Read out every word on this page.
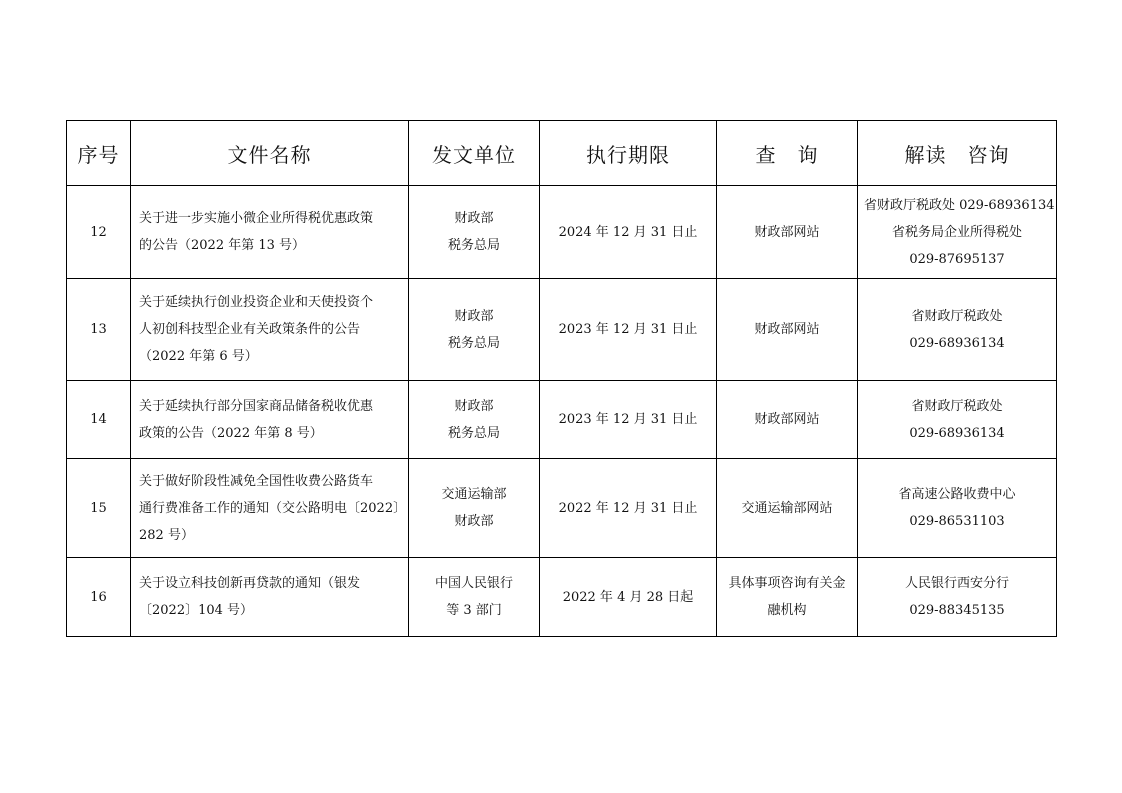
序号	文件名称	发文单位	执行期限	查　询	解读　咨询
12	关于进一步实施小微企业所得税优惠政策
的公告（2022 年第 13 号）	财政部
税务总局	2024 年 12 月 31 日止	财政部网站	省财政厅税政处 029-68936134
省税务局企业所得税处
029-87695137

13	关于延续执行创业投资企业和天使投资个
人初创科技型企业有关政策条件的公告
（2022 年第 6 号）	财政部
税务总局	2023 年 12 月 31 日止	财政部网站	省财政厅税政处
029-68936134

14	关于延续执行部分国家商品储备税收优惠
政策的公告（2022 年第 8 号）	财政部
税务总局	2023 年 12 月 31 日止	财政部网站	省财政厅税政处
029-68936134

15	关于做好阶段性减免全国性收费公路货车
通行费准备工作的通知（交公路明电〔2022〕
282 号）	交通运输部
财政部	2022 年 12 月 31 日止	交通运输部网站	省高速公路收费中心
029-86531103

16	关于设立科技创新再贷款的通知（银发
〔2022〕104 号）	中国人民银行
等 3 部门	2022 年 4 月 28 日起	具体事项咨询有关金
融机构	人民银行西安分行
029-88345135
